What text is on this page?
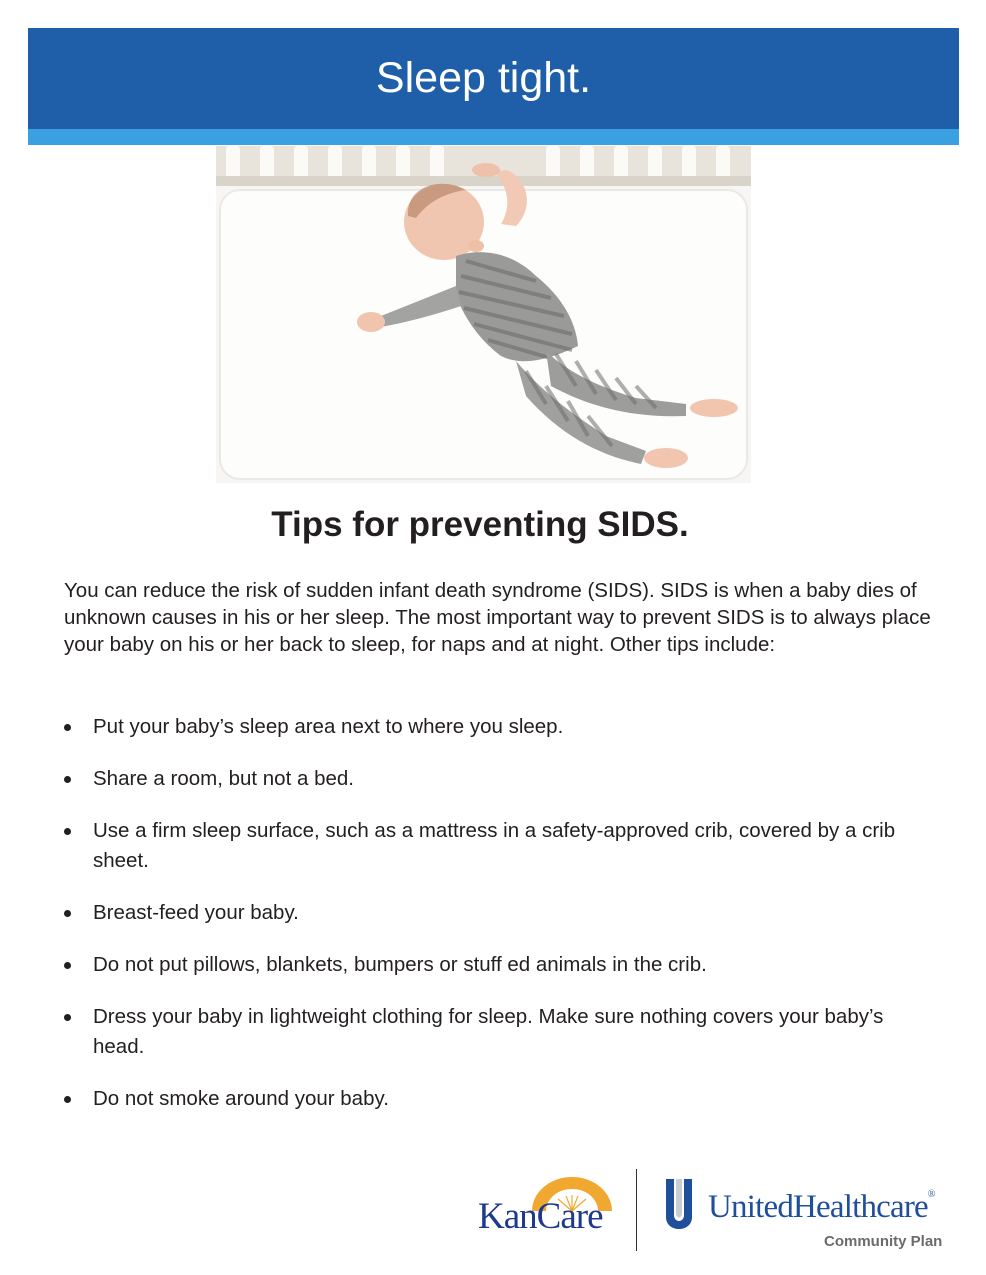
Sleep tight.
Tips for preventing SIDS.

You can reduce the risk of sudden infant death syndrome (SIDS). SIDS is when a baby dies of unknown causes in his or her sleep. The most important way to prevent SIDS is to always place your baby on his or her back to sleep, for naps and at night. Other tips include:

Put your baby’s sleep area next to where you sleep.
Share a room, but not a bed.
Use a firm sleep surface, such as a mattress in a safety-approved crib, covered by a crib sheet.
Breast-feed your baby.
Do not put pillows, blankets, bumpers or stuff ed animals in the crib.
Dress your baby in lightweight clothing for sleep. Make sure nothing covers your baby’s head.
Do not smoke around your baby.
KanCare	UnitedHealthcare®
Community Plan
